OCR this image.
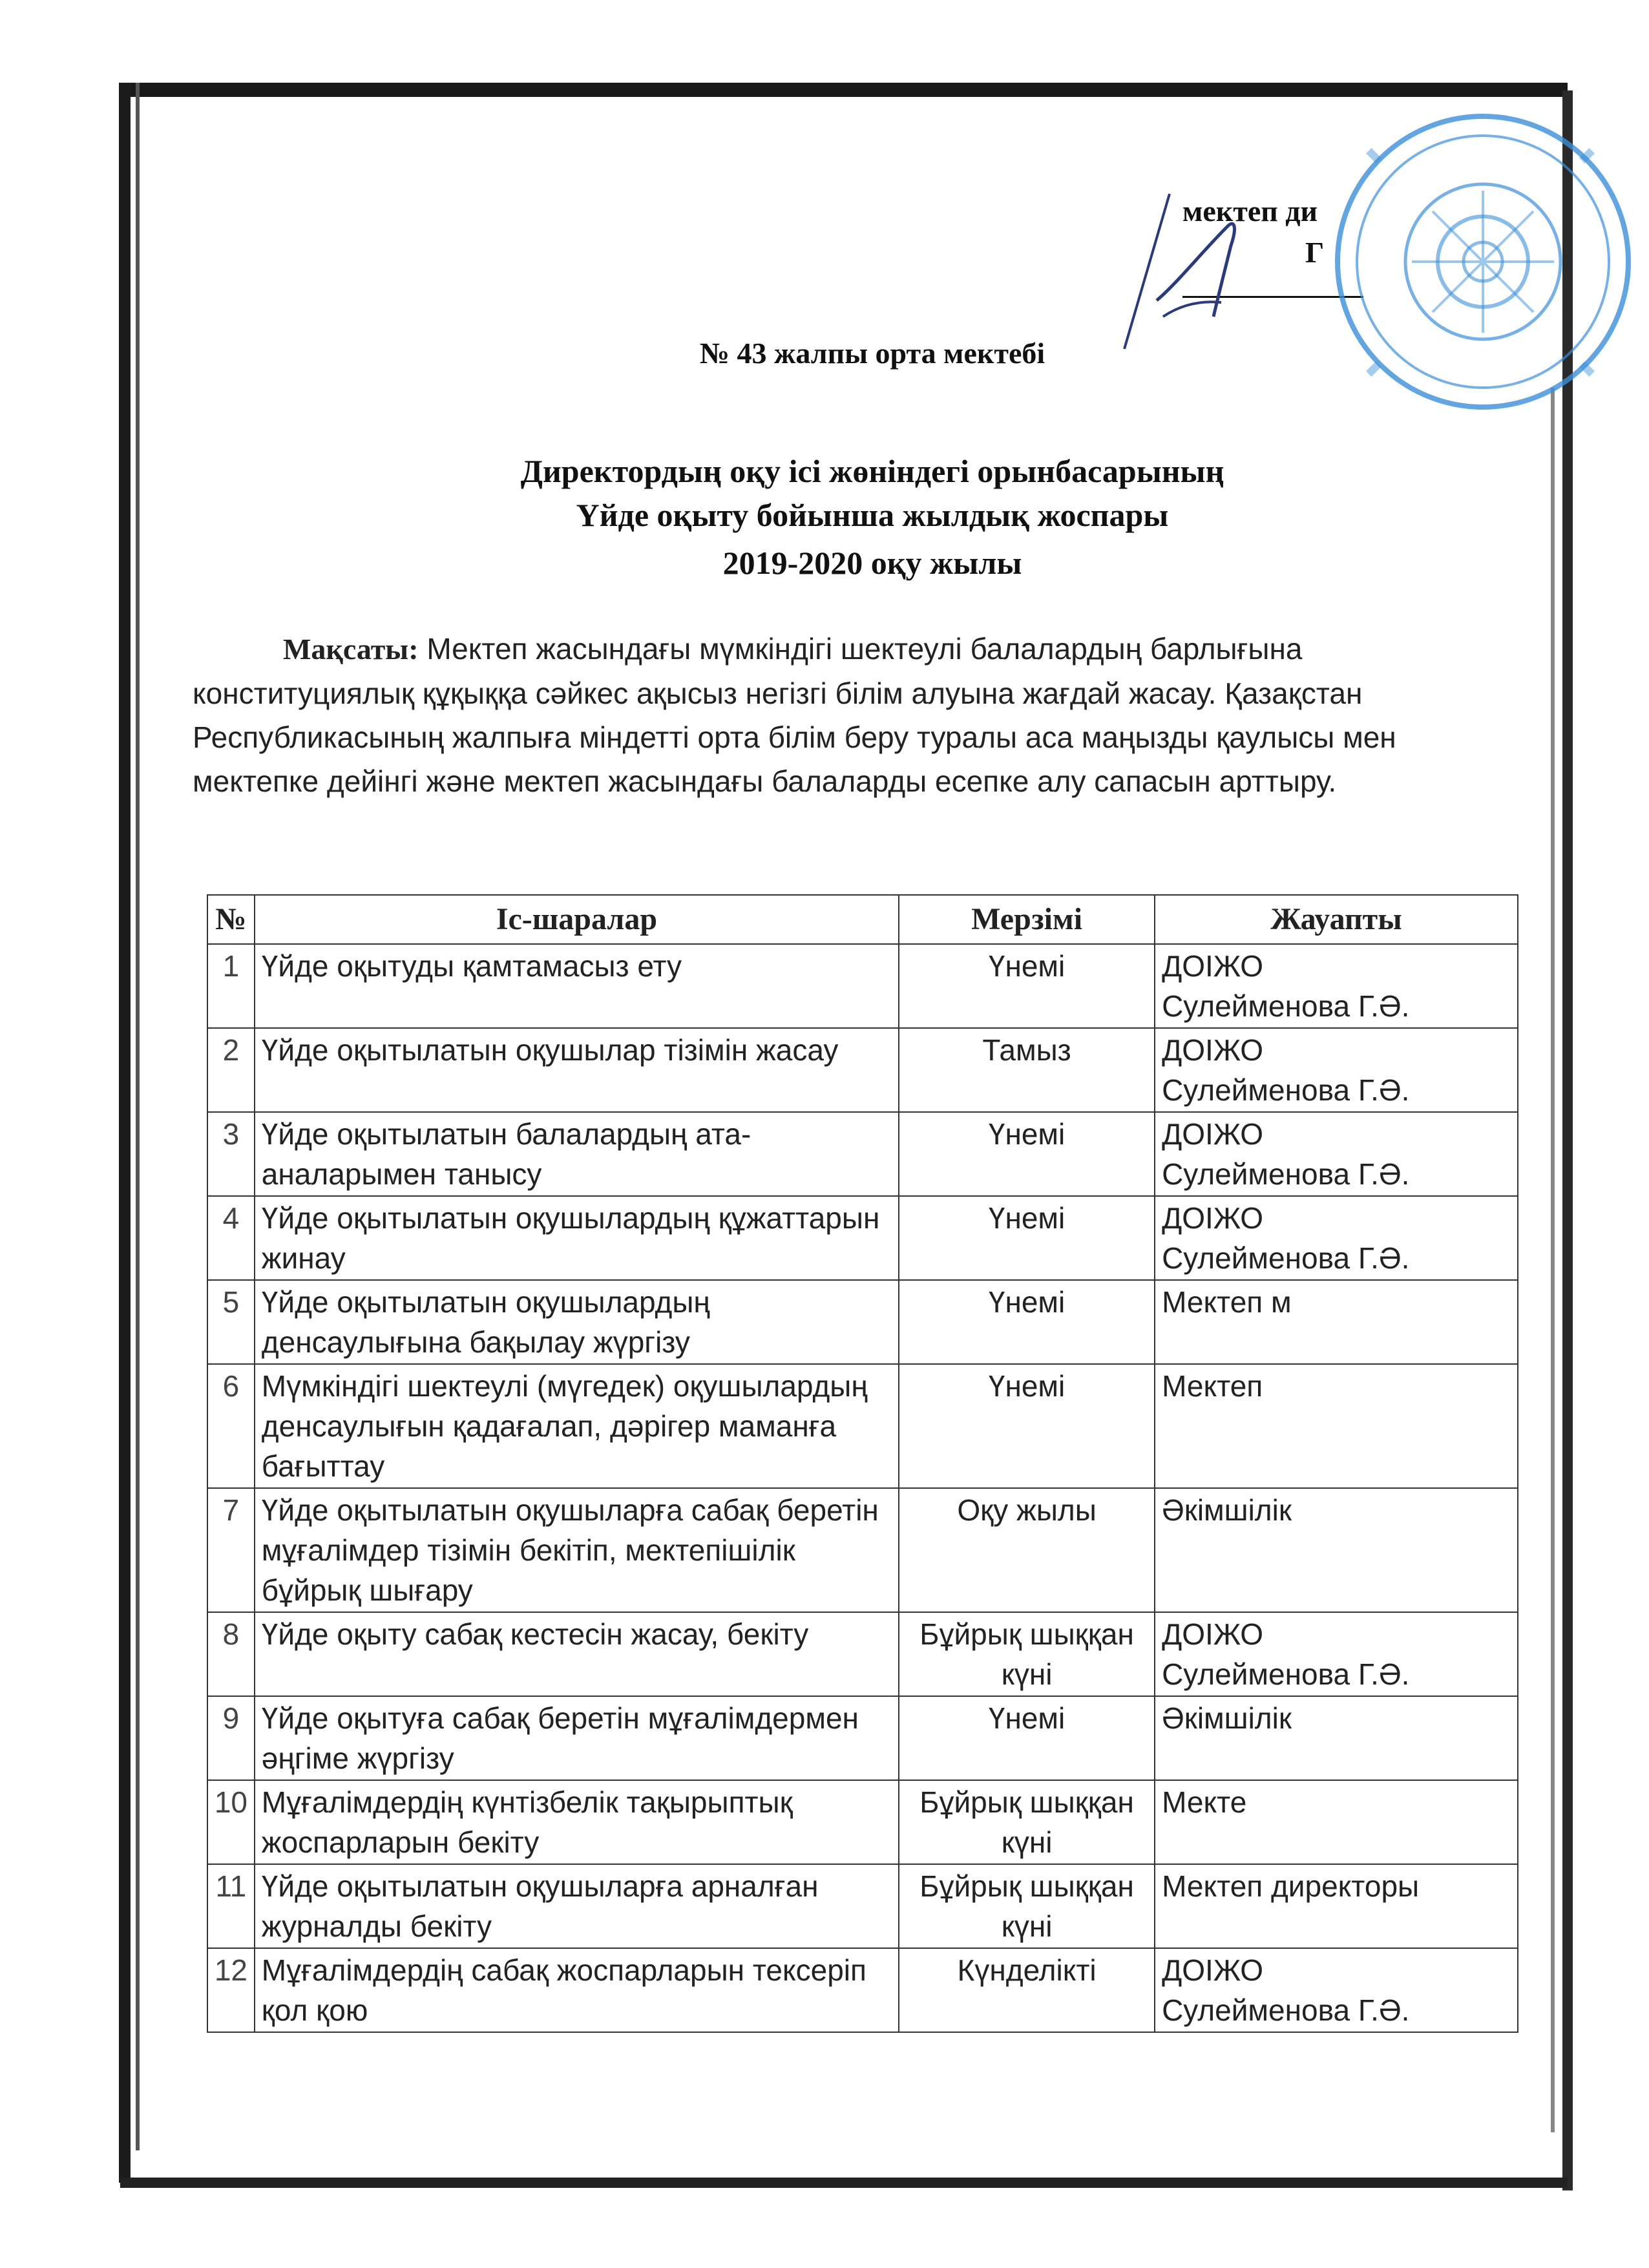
мектеп ди
Г
№ 43 жалпы орта мектебі
Директордың оқу ісі жөніндегі орынбасарының
Үйде оқыту бойынша жылдық жоспары
2019-2020 оқу жылы
Мақсаты: Мектеп жасындағы мүмкіндігі шектеулі балалардың барлығына конституциялық құқыққа сәйкес ақысыз негізгі білім алуына жағдай жасау. Қазақстан Республикасының жалпыға міндетті орта білім беру туралы аса маңызды қаулысы мен мектепке дейінгі және мектеп жасындағы балаларды есепке алу сапасын арттыру.
№	Іс-шаралар	Мерзімі	Жауапты
1	Үйде оқытуды қамтамасыз ету	Үнемі	ДОІЖО
Сулейменова Г.Ә.
2	Үйде оқытылатын оқушылар тізімін жасау	Тамыз	ДОІЖО
Сулейменова Г.Ә.
3	Үйде оқытылатын балалардың ата-аналарымен танысу	Үнемі	ДОІЖО
Сулейменова Г.Ә.
4	Үйде оқытылатын оқушылардың құжаттарын жинау	Үнемі	ДОІЖО
Сулейменова Г.Ә.
5	Үйде оқытылатын оқушылардың денсаулығына бақылау жүргізу	Үнемі	Мектеп м
6	Мүмкіндігі шектеулі (мүгедек) оқушылардың денсаулығын қадағалап, дәрігер маманға бағыттау	Үнемі	Мектеп
7	Үйде оқытылатын оқушыларға сабақ беретін мұғалімдер тізімін бекітіп, мектепішілік бұйрық шығару	Оқу жылы	Әкімшілік
8	Үйде оқыту сабақ кестесін жасау, бекіту	Бұйрық шыққан күні	ДОІЖО
Сулейменова Г.Ә.
9	Үйде оқытуға сабақ беретін мұғалімдермен әңгіме жүргізу	Үнемі	Әкімшілік
10	Мұғалімдердің күнтізбелік тақырыптық жоспарларын бекіту	Бұйрық шыққан күні	Мекте
11	Үйде оқытылатын оқушыларға арналған журналды бекіту	Бұйрық шыққан күні	Мектеп директоры
12	Мұғалімдердің сабақ жоспарларын тексеріп қол қою	Күнделікті	ДОІЖО
Сулейменова Г.Ә.
